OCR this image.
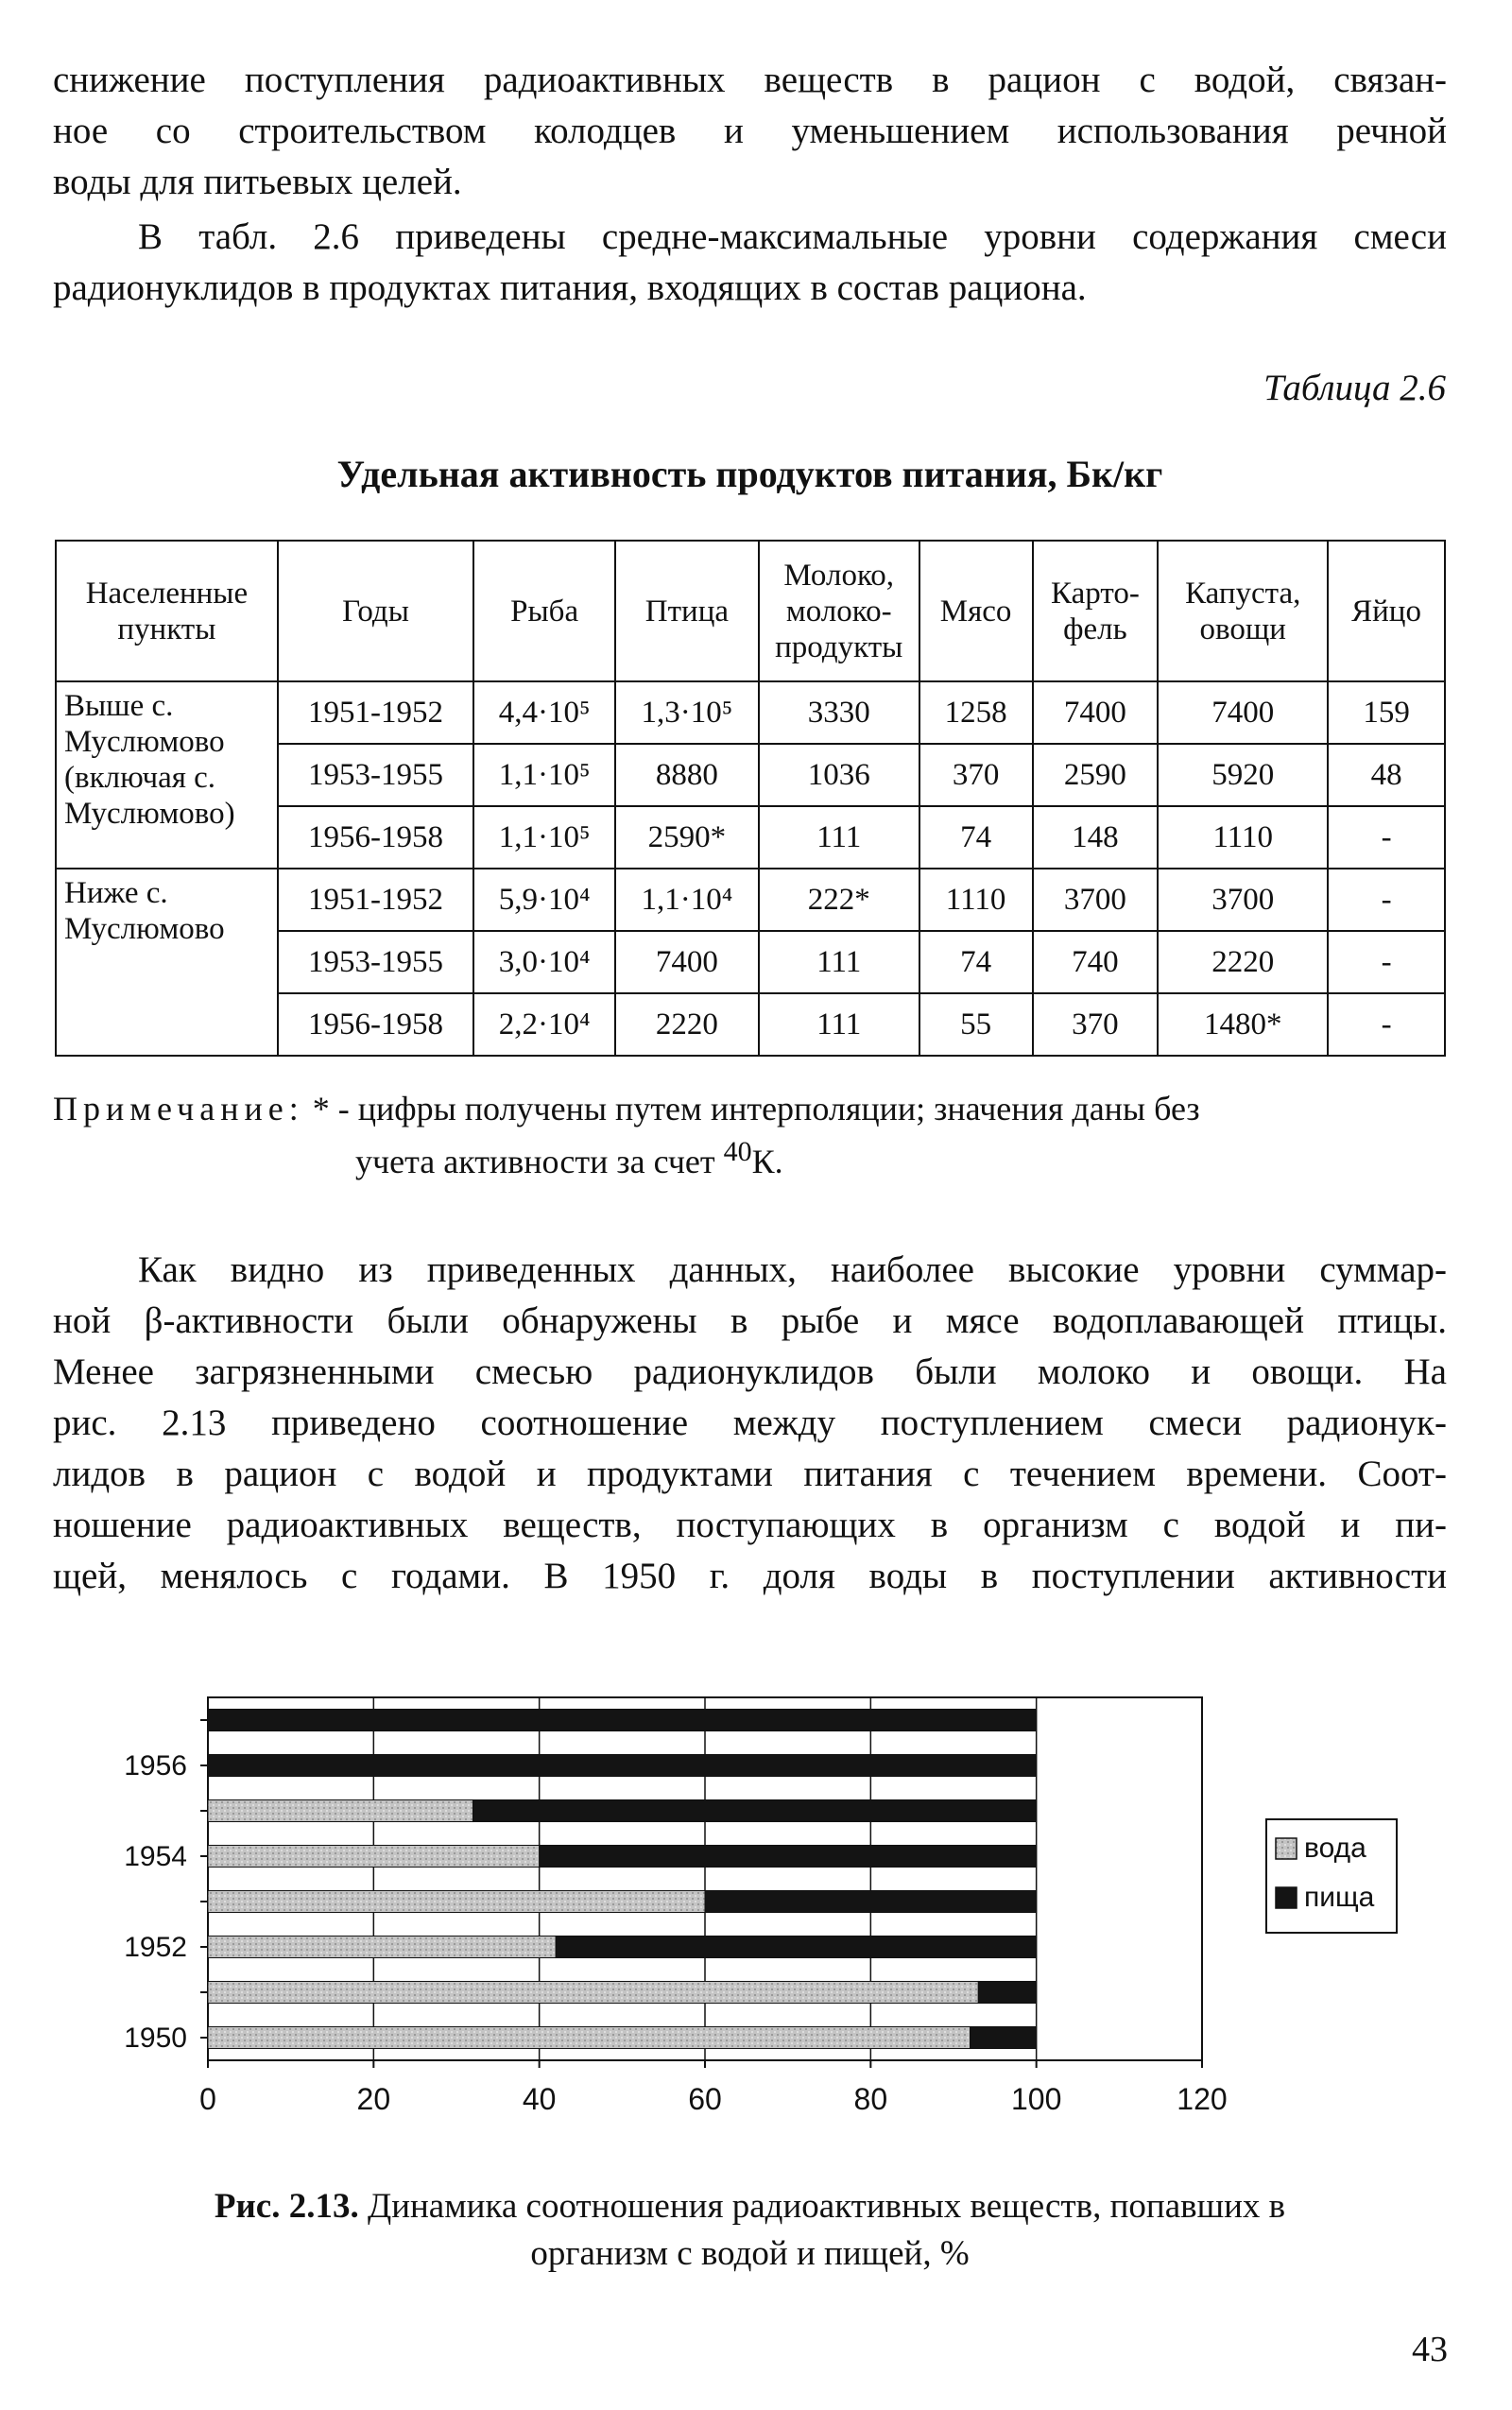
снижение поступления радиоактивных веществ в рацион с водой, связан-
ное со строительством колодцев и уменьшением использования речной
воды для питьевых целей.
В табл. 2.6 приведены средне-максимальные уровни содержания смеси
радионуклидов в продуктах питания, входящих в состав рациона.

Таблица 2.6

Удельная активность продуктов питания, Бк/кг

Населенные пункты	Годы	Рыба	Птица	Молоко, молоко-продукты	Мясо	Карто-фель	Капуста, овощи	Яйцо
Выше с. Муслюмово (включая с. Муслюмово)	1951-1952	4,4·10⁵	1,3·10⁵	3330	1258	7400	7400	159
	1953-1955	1,1·10⁵	8880	1036	370	2590	5920	48
	1956-1958	1,1·10⁵	2590*	111	74	148	1110	-
Ниже с. Муслюмово	1951-1952	5,9·10⁴	1,1·10⁴	222*	1110	3700	3700	-
	1953-1955	3,0·10⁴	7400	111	74	740	2220	-
	1956-1958	2,2·10⁴	2220	111	55	370	1480*	-

Примечание: * - цифры получены путем интерполяции; значения даны без
учета активности за счет $^{40}$К.

Как видно из приведенных данных, наиболее высокие уровни суммар-
ной β-активности были обнаружены в рыбе и мясе водоплавающей птицы.
Менее загрязненными смесью радионуклидов были молоко и овощи. На
рис. 2.13 приведено соотношение между поступлением смеси радионук-
лидов в рацион с водой и продуктами питания с течением времени. Соот-
ношение радиоактивных веществ, поступающих в организм с водой и пи-
щей, менялось с годами. В 1950 г. доля воды в поступлении активности
1950
1952
1954
1956
0	20	40	60	80	100	120
вода
пища

Рис. 2.13. Динамика соотношения радиоактивных веществ, попавших в
организм с водой и пищей, %

43
